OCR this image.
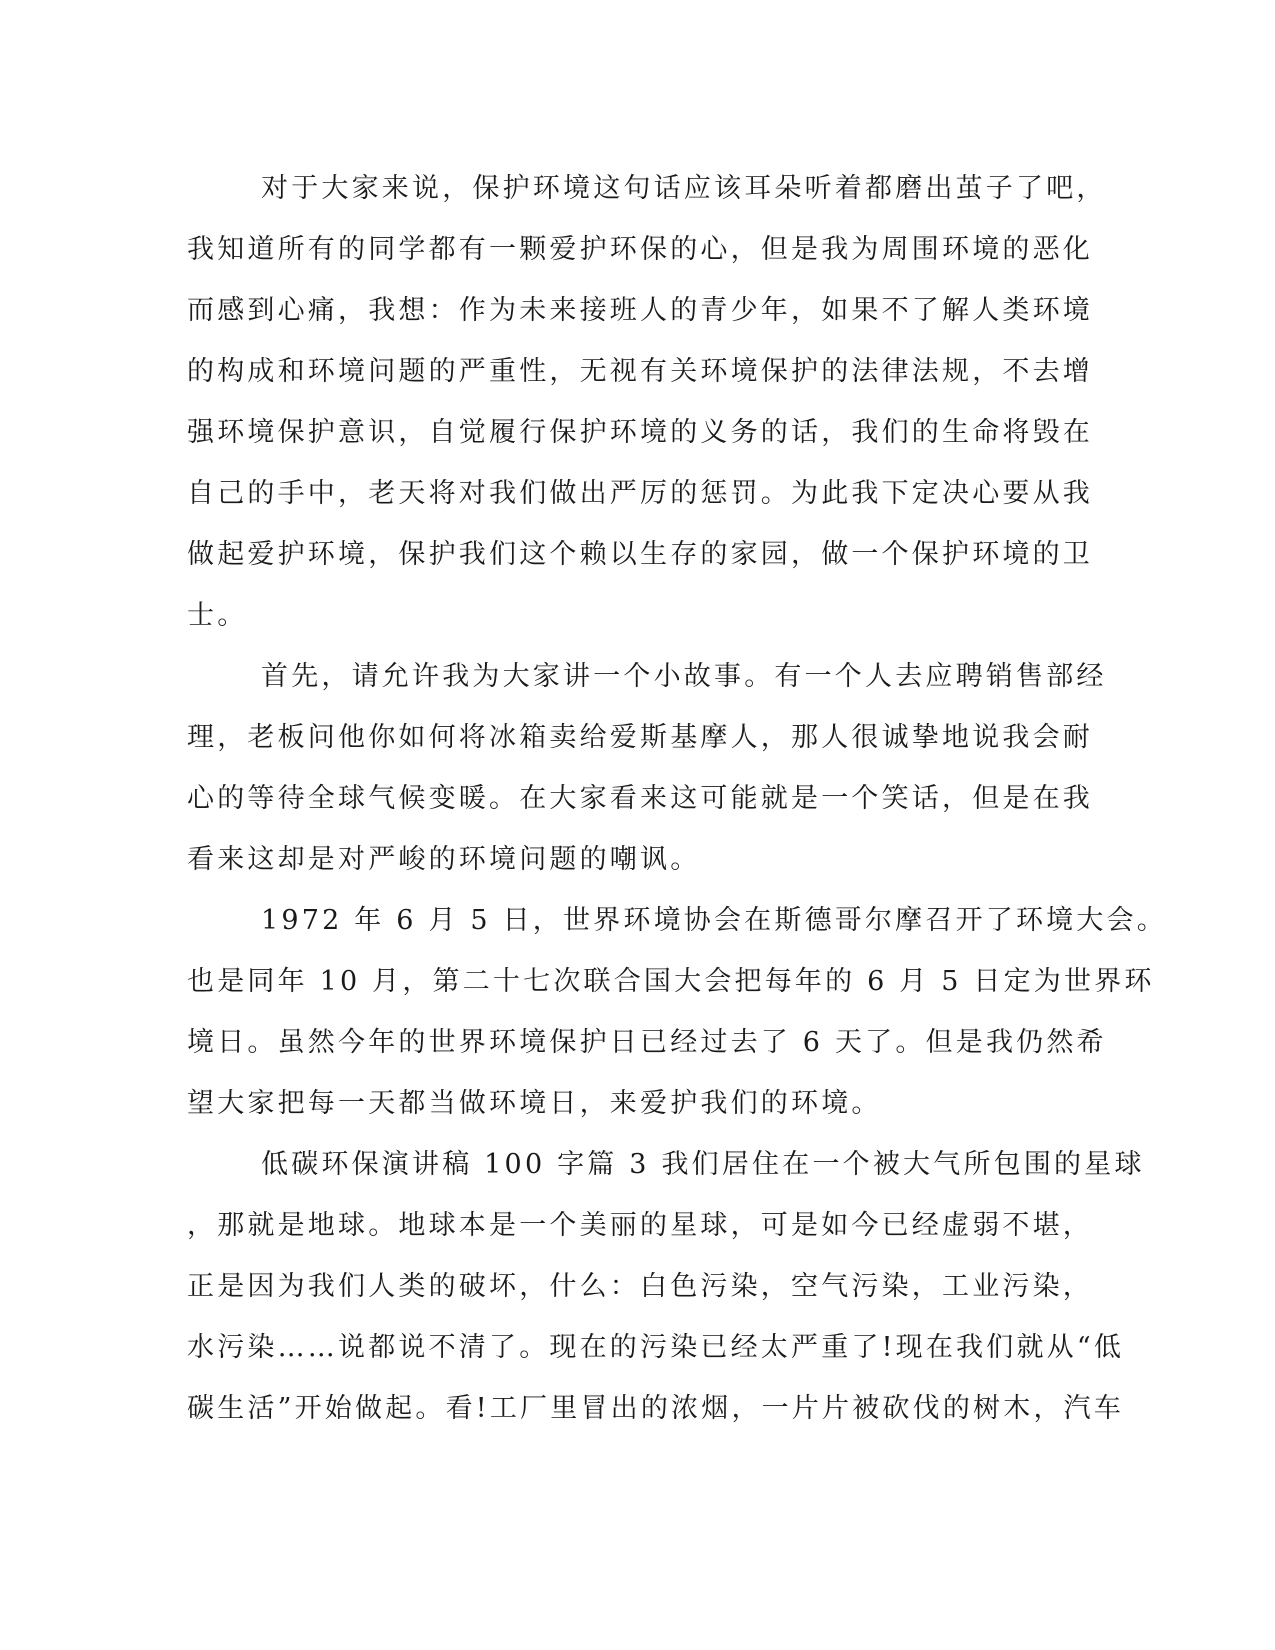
对于大家来说，保护环境这句话应该耳朵听着都磨出茧子了吧，
我知道所有的同学都有一颗爱护环保的心，但是我为周围环境的恶化
而感到心痛，我想：作为未来接班人的青少年，如果不了解人类环境
的构成和环境问题的严重性，无视有关环境保护的法律法规，不去增
强环境保护意识，自觉履行保护环境的义务的话，我们的生命将毁在
自己的手中，老天将对我们做出严厉的惩罚。为此我下定决心要从我
做起爱护环境，保护我们这个赖以生存的家园，做一个保护环境的卫
士。
首先，请允许我为大家讲一个小故事。有一个人去应聘销售部经
理，老板问他你如何将冰箱卖给爱斯基摩人，那人很诚挚地说我会耐
心的等待全球气候变暖。在大家看来这可能就是一个笑话，但是在我
看来这却是对严峻的环境问题的嘲讽。
1972 年 6 月 5 日，世界环境协会在斯德哥尔摩召开了环境大会。
也是同年 10 月，第二十七次联合国大会把每年的 6 月 5 日定为世界环
境日。虽然今年的世界环境保护日已经过去了 6 天了。但是我仍然希
望大家把每一天都当做环境日，来爱护我们的环境。
低碳环保演讲稿 100 字篇 3 我们居住在一个被大气所包围的星球
，那就是地球。地球本是一个美丽的星球，可是如今已经虚弱不堪，
正是因为我们人类的破坏，什么：白色污染，空气污染，工业污染，
水污染……说都说不清了。现在的污染已经太严重了!现在我们就从“低
碳生活”开始做起。看!工厂里冒出的浓烟，一片片被砍伐的树木，汽车
